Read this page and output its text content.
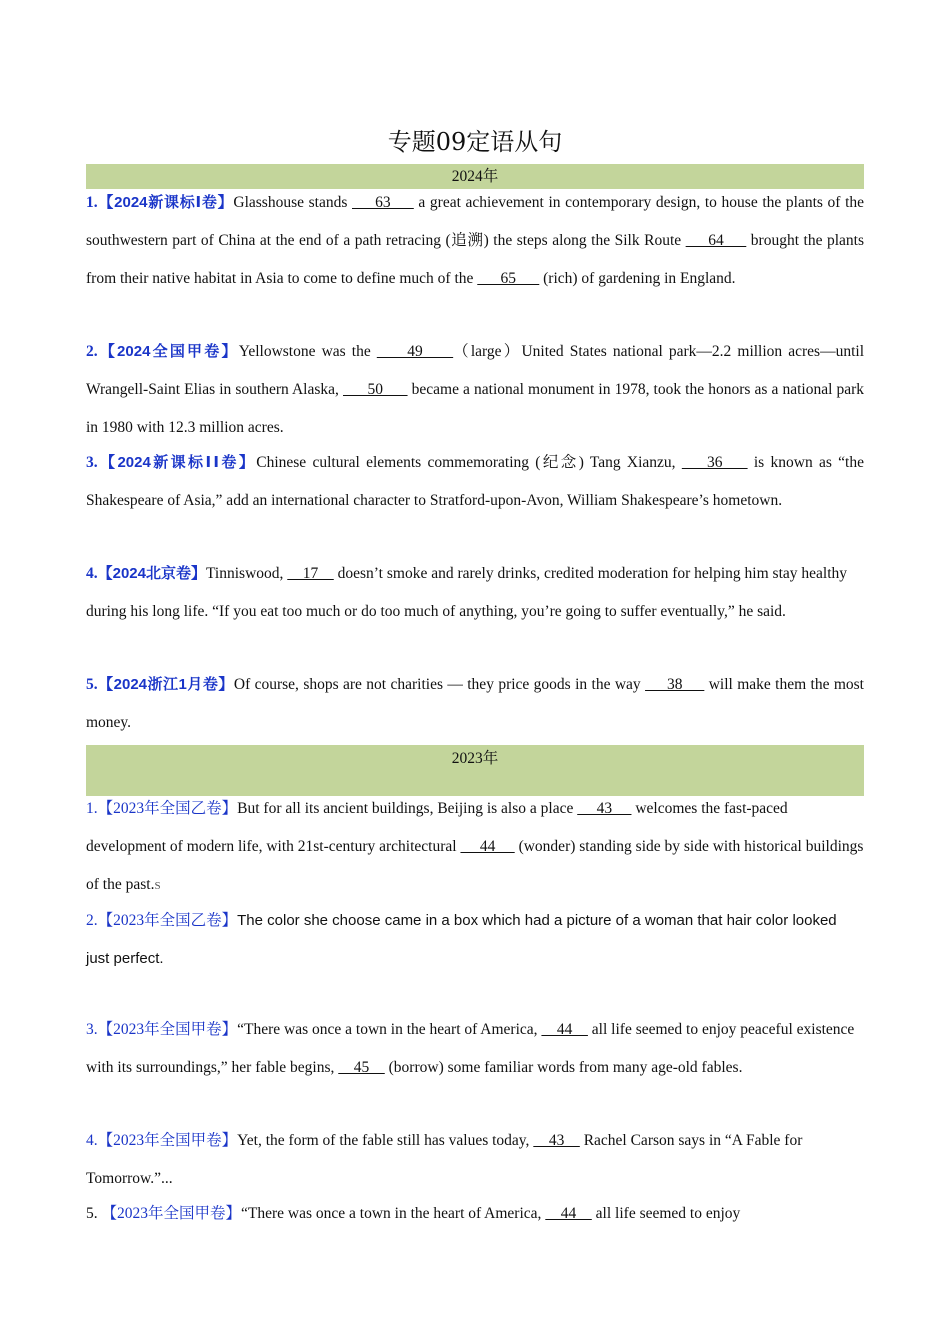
专题09定语从句
2024年
1.【2024新课标Ⅰ卷】Glasshouse stands      63      a great achievement in contemporary design, to house the plants of the southwestern part of China at the end of a path retracing (追溯) the steps along the Silk Route      64      brought the plants from their native habitat in Asia to come to define much of the       65       (rich) of gardening in England.
2.【2024全国甲卷】Yellowstone was the      49     （large）United States national park—2.2 million acres—until Wrangell-Saint Elias in southern Alaska,       50       became a national monument in 1978, took the honors as a national park in 1980 with 12.3 million acres.
3.【2024新课标ⅠⅠ卷】Chinese cultural elements commemorating (纪念) Tang Xianzu,     36     is known as “the Shakespeare of Asia,” add an international character to Stratford-upon-Avon, William Shakespeare’s hometown.
4.【2024北京卷】Tinniswood,     17     doesn’t smoke and rarely drinks, credited moderation for helping him stay healthy during his long life. “If you eat too much or do too much of anything, you’re going to suffer eventually,” he said.
5.【2024浙江1月卷】Of course, shops are not charities — they price goods in the way      38      will make them the most money.
2023年
1.【2023年全国乙卷】But for all its ancient buildings, Beijing is also a place      43      welcomes the fast-paced development of modern life, with 21st-century architectural      44      (wonder) standing side by side with historical buildings of the past.S
2.【2023年全国乙卷】The color she choose came in a box which had a picture of a woman that hair color looked just perfect.
3.【2023年全国甲卷】“There was once a town in the heart of America,     44     all life seemed to enjoy peaceful existence with its surroundings,” her fable begins,     45     (borrow) some familiar words from many age-old fables.
4.【2023年全国甲卷】Yet, the form of the fable still has values today,     43     Rachel Carson says in “A Fable for Tomorrow.”...
5. 【2023年全国甲卷】“There was once a town in the heart of America,     44     all life seemed to enjoy
